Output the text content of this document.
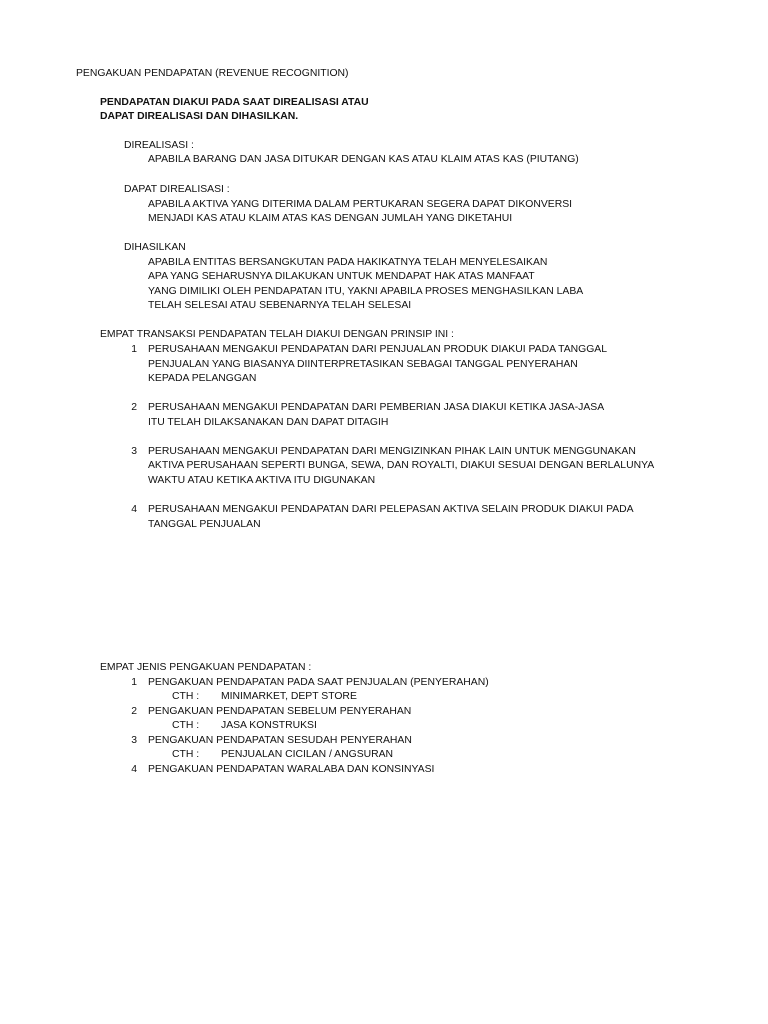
PENGAKUAN PENDAPATAN (REVENUE RECOGNITION)
PENDAPATAN DIAKUI PADA SAAT DIREALISASI ATAU
DAPAT DIREALISASI DAN DIHASILKAN.
DIREALISASI :
APABILA BARANG DAN JASA DITUKAR DENGAN KAS ATAU KLAIM ATAS KAS (PIUTANG)
DAPAT DIREALISASI :
APABILA AKTIVA YANG DITERIMA DALAM PERTUKARAN SEGERA DAPAT DIKONVERSI
MENJADI KAS ATAU KLAIM ATAS KAS DENGAN JUMLAH YANG DIKETAHUI
DIHASILKAN
APABILA ENTITAS BERSANGKUTAN PADA HAKIKATNYA TELAH MENYELESAIKAN
APA YANG SEHARUSNYA DILAKUKAN UNTUK MENDAPAT HAK ATAS MANFAAT
YANG DIMILIKI OLEH PENDAPATAN ITU, YAKNI APABILA PROSES MENGHASILKAN LABA
TELAH SELESAI ATAU SEBENARNYA TELAH SELESAI
EMPAT TRANSAKSI PENDAPATAN TELAH DIAKUI DENGAN PRINSIP INI :
1 PERUSAHAAN MENGAKUI PENDAPATAN DARI PENJUALAN PRODUK DIAKUI PADA TANGGAL
PENJUALAN YANG BIASANYA DIINTERPRETASIKAN SEBAGAI TANGGAL PENYERAHAN
KEPADA PELANGGAN
2 PERUSAHAAN MENGAKUI PENDAPATAN DARI PEMBERIAN JASA DIAKUI KETIKA JASA-JASA
ITU TELAH DILAKSANAKAN DAN DAPAT DITAGIH
3 PERUSAHAAN MENGAKUI PENDAPATAN DARI MENGIZINKAN PIHAK LAIN UNTUK MENGGUNAKAN
AKTIVA PERUSAHAAN SEPERTI BUNGA, SEWA, DAN ROYALTI, DIAKUI SESUAI DENGAN BERLALUNYA
WAKTU ATAU KETIKA AKTIVA ITU DIGUNAKAN
4 PERUSAHAAN MENGAKUI PENDAPATAN DARI PELEPASAN AKTIVA SELAIN PRODUK DIAKUI PADA
TANGGAL PENJUALAN
EMPAT JENIS PENGAKUAN PENDAPATAN :
1 PENGAKUAN PENDAPATAN PADA SAAT PENJUALAN (PENYERAHAN)
CTH : MINIMARKET, DEPT STORE
2 PENGAKUAN PENDAPATAN SEBELUM PENYERAHAN
CTH : JASA KONSTRUKSI
3 PENGAKUAN PENDAPATAN SESUDAH PENYERAHAN
CTH : PENJUALAN CICILAN / ANGSURAN
4 PENGAKUAN PENDAPATAN WARALABA DAN KONSINYASI
